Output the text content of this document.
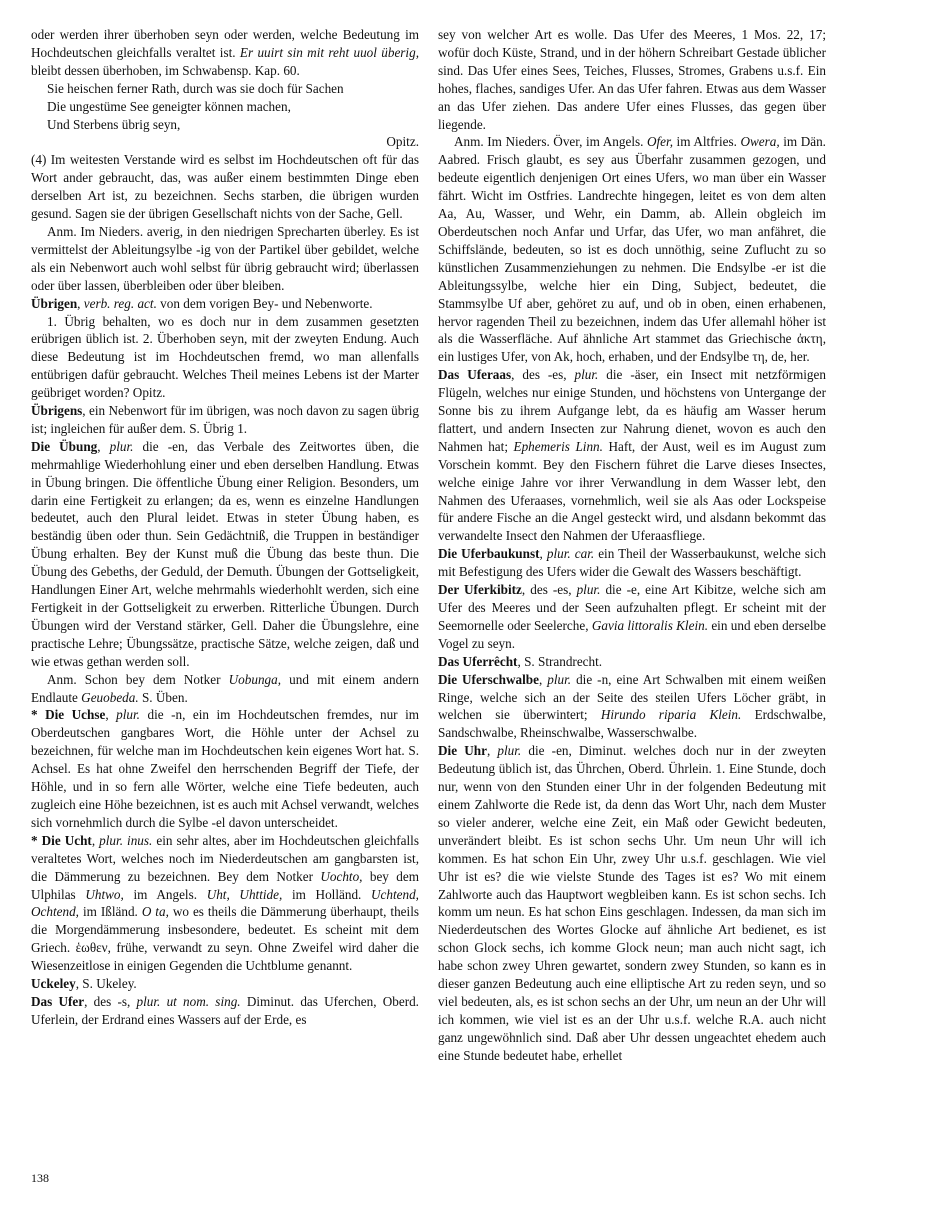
oder werden ihrer überhoben seyn oder werden, welche Bedeutung im Hochdeutschen gleichfalls veraltet ist. Er uuirt sin mit reht uuol überig, bleibt dessen überhoben, im Schwabensp. Kap. 60.

Sie heischen ferner Rath, durch was sie doch für Sachen

Die ungestüme See geneigter können machen,

Und Sterbens übrig seyn,

Opitz.

(4) Im weitesten Verstande wird es selbst im Hochdeutschen oft für das Wort ander gebraucht, das, was außer einem bestimmten Dinge eben derselben Art ist, zu bezeichnen. Sechs starben, die übrigen wurden gesund. Sagen sie der übrigen Gesellschaft nichts von der Sache, Gell.

Anm. Im Nieders. averig, in den niedrigen Sprecharten überley. Es ist vermittelst der Ableitungsylbe -ig von der Partikel über gebildet, welche als ein Nebenwort auch wohl selbst für übrig gebraucht wird; überlassen oder über lassen, überbleiben oder über bleiben.

Übrigen, verb. reg. act. von dem vorigen Bey- und Nebenworte.

1. Übrig behalten, wo es doch nur in dem zusammen gesetzten erübrigen üblich ist. 2. Überhoben seyn, mit der zweyten Endung. Auch diese Bedeutung ist im Hochdeutschen fremd, wo man allenfalls entübrigen dafür gebraucht. Welches Theil meines Lebens ist der Marter geübriget worden? Opitz.

Übrigens, ein Nebenwort für im übrigen, was noch davon zu sagen übrig ist; ingleichen für außer dem. S. Übrig 1.

Die Übung, plur. die -en, das Verbale des Zeitwortes üben, die mehrmahlige Wiederhohlung einer und eben derselben Handlung. Etwas in Übung bringen. Die öffentliche Übung einer Religion. Besonders, um darin eine Fertigkeit zu erlangen; da es, wenn es einzelne Handlungen bedeutet, auch den Plural leidet. Etwas in steter Übung haben, es beständig üben oder thun. Sein Gedächtniß, die Truppen in beständiger Übung erhalten. Bey der Kunst muß die Übung das beste thun. Die Übung des Gebeths, der Geduld, der Demuth. Übungen der Gottseligkeit, Handlungen Einer Art, welche mehrmahls wiederhohlt werden, sich eine Fertigkeit in der Gottseligkeit zu erwerben. Ritterliche Übungen. Durch Übungen wird der Verstand stärker, Gell. Daher die Übungslehre, eine practische Lehre; Übungssätze, practische Sätze, welche zeigen, daß und wie etwas gethan werden soll.

Anm. Schon bey dem Notker Uobunga, und mit einem andern Endlaute Geuobeda. S. Üben.

* Die Uchse, plur. die -n, ein im Hochdeutschen fremdes, nur im Oberdeutschen gangbares Wort, die Höhle unter der Achsel zu bezeichnen, für welche man im Hochdeutschen kein eigenes Wort hat. S. Achsel. Es hat ohne Zweifel den herrschenden Begriff der Tiefe, der Höhle, und in so fern alle Wörter, welche eine Tiefe bedeuten, auch zugleich eine Höhe bezeichnen, ist es auch mit Achsel verwandt, welches sich vornehmlich durch die Sylbe -el davon unterscheidet.

* Die Ucht, plur. inus. ein sehr altes, aber im Hochdeutschen gleichfalls veraltetes Wort, welches noch im Niederdeutschen am gangbarsten ist, die Dämmerung zu bezeichnen. Bey dem Notker Uochto, bey dem Ulphilas Uhtwo, im Angels. Uht, Uhttide, im Holländ. Uchtend, Ochtend, im Ißländ. O ta, wo es theils die Dämmerung überhaupt, theils die Morgendämmerung insbesondere, bedeutet. Es scheint mit dem Griech. ἑωθεν, frühe, verwandt zu seyn. Ohne Zweifel wird daher die Wiesenzeitlose in einigen Gegenden die Uchtblume genannt.

Uckeley, S. Ukeley.

Das Ufer, des -s, plur. ut nom. sing. Diminut. das Uferchen, Oberd. Uferlein, der Erdrand eines Wassers auf der Erde, es

sey von welcher Art es wolle. Das Ufer des Meeres, 1 Mos. 22, 17; wofür doch Küste, Strand, und in der höhern Schreibart Gestade üblicher sind. Das Ufer eines Sees, Teiches, Flusses, Stromes, Grabens u.s.f. Ein hohes, flaches, sandiges Ufer. An das Ufer fahren. Etwas aus dem Wasser an das Ufer ziehen. Das andere Ufer eines Flusses, das gegen über liegende.

Anm. Im Nieders. Över, im Angels. Ofer, im Altfries. Owera, im Dän. Aabred. Frisch glaubt, es sey aus Überfahr zusammen gezogen, und bedeute eigentlich denjenigen Ort eines Ufers, wo man über ein Wasser fährt. Wicht im Ostfries. Landrechte hingegen, leitet es von dem alten Aa, Au, Wasser, und Wehr, ein Damm, ab. Allein obgleich im Oberdeutschen noch Anfar und Urfar, das Ufer, wo man anfähret, die Schiffslände, bedeuten, so ist es doch unnöthig, seine Zuflucht zu so künstlichen Zusammenziehungen zu nehmen. Die Endsylbe -er ist die Ableitungssylbe, welche hier ein Ding, Subject, bedeutet, die Stammsylbe Uf aber, gehöret zu auf, und ob in oben, einen erhabenen, hervor ragenden Theil zu bezeichnen, indem das Ufer allemahl höher ist als die Wasserfläche. Auf ähnliche Art stammet das Griechische ἀκτη, ein lustiges Ufer, von Ak, hoch, erhaben, und der Endsylbe τη, de, her.

Das Uferaas, des -es, plur. die -äser, ein Insect mit netzförmigen Flügeln, welches nur einige Stunden, und höchstens von Untergange der Sonne bis zu ihrem Aufgange lebt, da es häufig am Wasser herum flattert, und andern Insecten zur Nahrung dienet, wovon es auch den Nahmen hat; Ephemeris Linn. Haft, der Aust, weil es im August zum Vorschein kommt. Bey den Fischern führet die Larve dieses Insectes, welche einige Jahre vor ihrer Verwandlung in dem Wasser lebt, den Nahmen des Uferaases, vornehmlich, weil sie als Aas oder Lockspeise für andere Fische an die Angel gesteckt wird, und alsdann bekommt das verwandelte Insect den Nahmen der Uferaasfliege.

Die Uferbaukunst, plur. car. ein Theil der Wasserbaukunst, welche sich mit Befestigung des Ufers wider die Gewalt des Wassers beschäftigt.

Der Uferkibitz, des -es, plur. die -e, eine Art Kibitze, welche sich am Ufer des Meeres und der Seen aufzuhalten pflegt. Er scheint mit der Seemornelle oder Seelerche, Gavia littoralis Klein. ein und eben derselbe Vogel zu seyn.

Das Uferrêcht, S. Strandrecht.

Die Uferschwalbe, plur. die -n, eine Art Schwalben mit einem weißen Ringe, welche sich an der Seite des steilen Ufers Löcher gräbt, in welchen sie überwintert; Hirundo riparia Klein. Erdschwalbe, Sandschwalbe, Rheinschwalbe, Wasserschwalbe.

Die Uhr, plur. die -en, Diminut. welches doch nur in der zweyten Bedeutung üblich ist, das Ührchen, Oberd. Ührlein. 1. Eine Stunde, doch nur, wenn von den Stunden einer Uhr in der folgenden Bedeutung mit einem Zahlworte die Rede ist, da denn das Wort Uhr, nach dem Muster so vieler anderer, welche eine Zeit, ein Maß oder Gewicht bedeuten, unverändert bleibt. Es ist schon sechs Uhr. Um neun Uhr will ich kommen. Es hat schon Ein Uhr, zwey Uhr u.s.f. geschlagen. Wie viel Uhr ist es? die wie vielste Stunde des Tages ist es? Wo mit einem Zahlworte auch das Hauptwort wegbleiben kann. Es ist schon sechs. Ich komm um neun. Es hat schon Eins geschlagen. Indessen, da man sich im Niederdeutschen des Wortes Glocke auf ähnliche Art bedienet, es ist schon Glock sechs, ich komme Glock neun; man auch nicht sagt, ich habe schon zwey Uhren gewartet, sondern zwey Stunden, so kann es in dieser ganzen Bedeutung auch eine elliptische Art zu reden seyn, und so viel bedeuten, als, es ist schon sechs an der Uhr, um neun an der Uhr will ich kommen, wie viel ist es an der Uhr u.s.f. welche R.A. auch nicht ganz ungewöhnlich sind. Daß aber Uhr dessen ungeachtet ehedem auch eine Stunde bedeutet habe, erhellet

138
